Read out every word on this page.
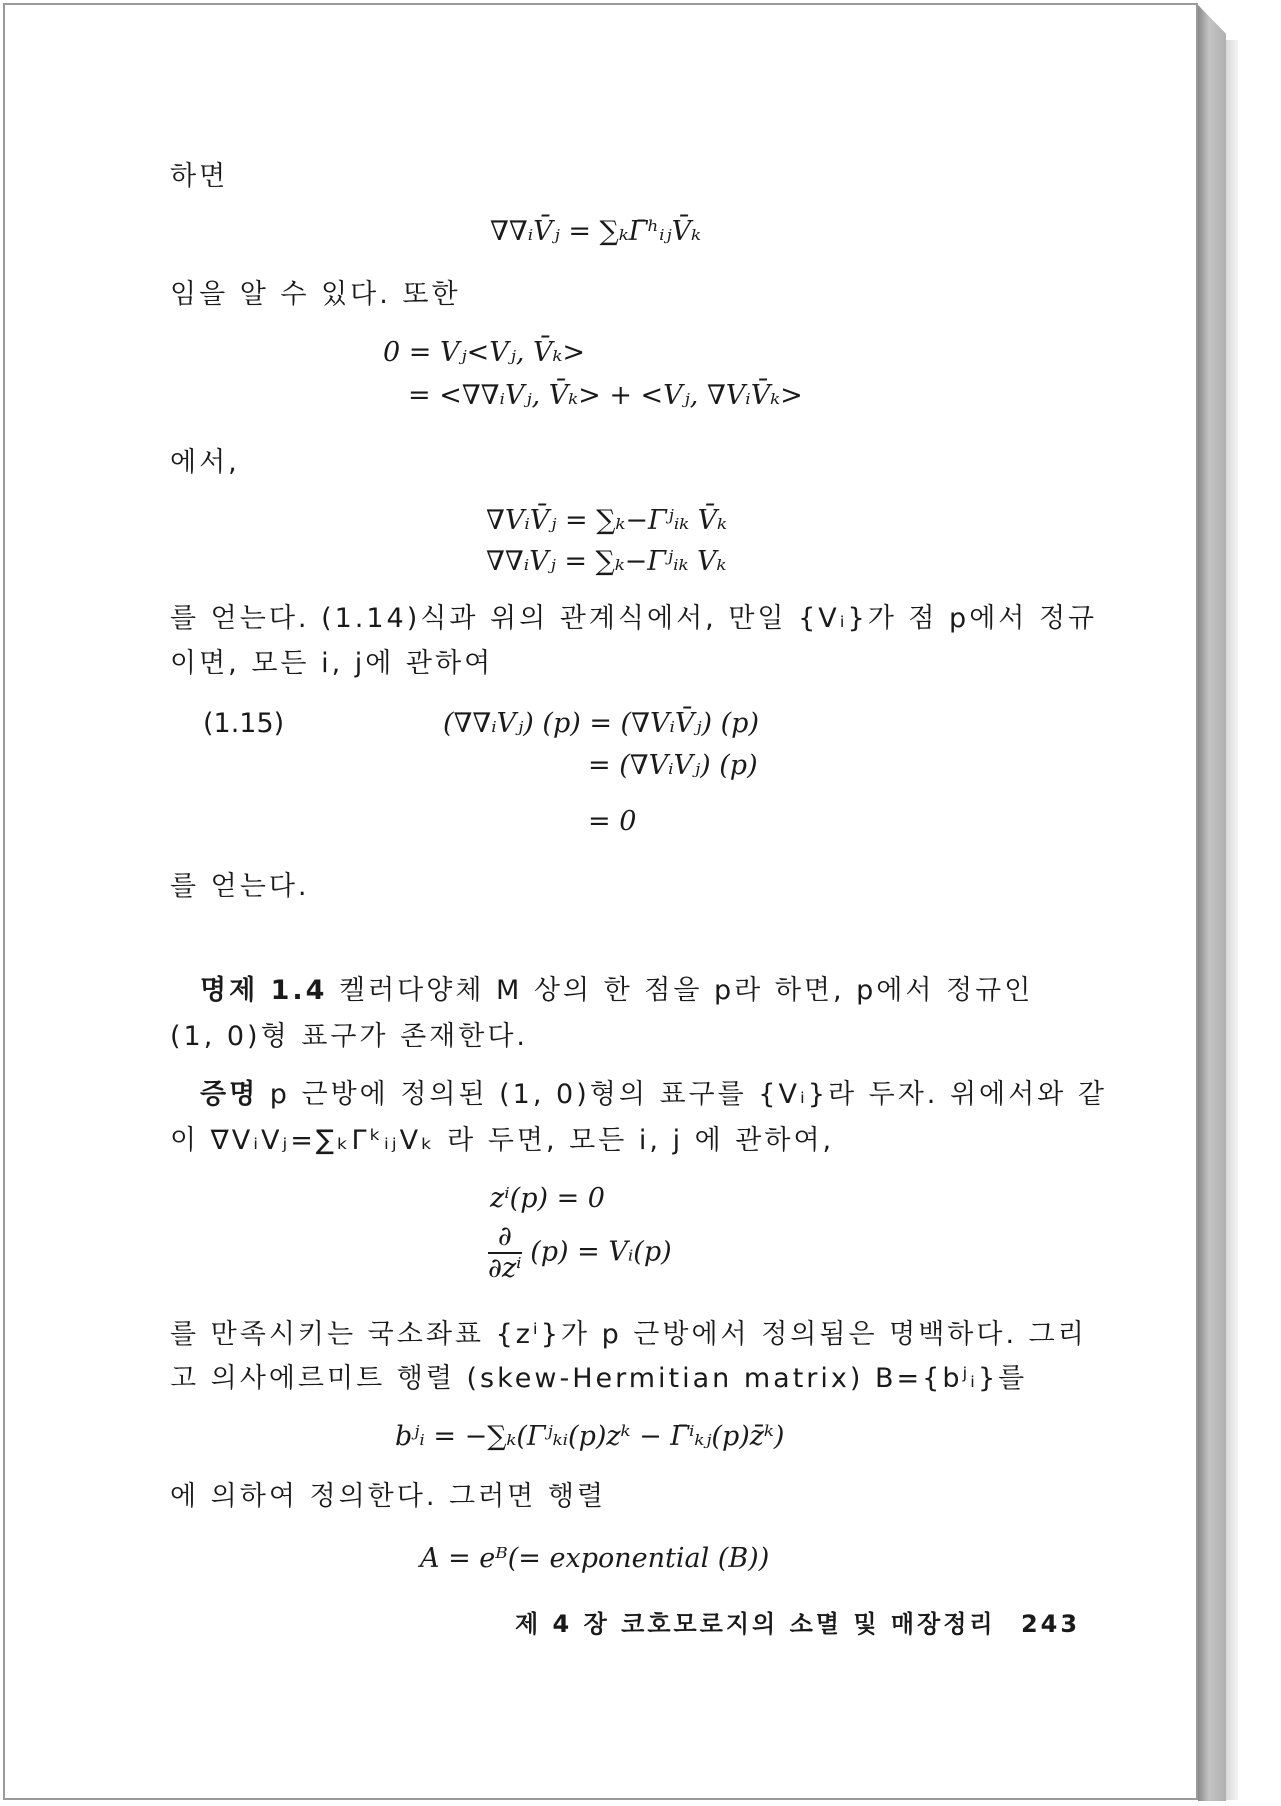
하면
∇∇ᵢV̄ⱼ = ∑ₖΓ̄ʰᵢⱼV̄ₖ
임을 알 수 있다. 또한
0 = Vⱼ<Vⱼ, V̄ₖ>
= <∇∇ᵢVⱼ, V̄ₖ> + <Vⱼ, ∇VᵢV̄ₖ>
에서,
∇VᵢV̄ⱼ = ∑ₖ−Γʲᵢₖ V̄ₖ
∇∇ᵢVⱼ = ∑ₖ−Γʲᵢₖ Vₖ
를 얻는다. (1.14)식과 위의 관계식에서, 만일 {Vᵢ}가 점 p에서 정규
이면, 모든 i, j에 관하여
(1.15)	(∇∇ᵢVⱼ) (p) = (∇VᵢV̄ⱼ) (p)
= (∇VᵢVⱼ) (p)
= 0
를 얻는다.
명제 1.4 켈러다양체 M 상의 한 점을 p라 하면, p에서 정규인
(1, 0)형 표구가 존재한다.
증명 p 근방에 정의된 (1, 0)형의 표구를 {Vᵢ}라 두자. 위에서와 같
이 ∇VᵢVⱼ=∑ₖΓᵏᵢⱼVₖ 라 두면, 모든 i, j 에 관하여,
zⁱ(p) = 0
$\frac{\partial}{\text{∂zⁱ}} (p)$ = Vᵢ(p)
를 만족시키는 국소좌표 {zⁱ}가 p 근방에서 정의됨은 명백하다. 그리
고 의사에르미트 행렬 (skew-Hermitian matrix) B={bʲᵢ}를
bʲᵢ = −∑ₖ(Γʲₖᵢ(p)zᵏ − Γ̄ⁱₖⱼ(p)z̄ᵏ)
에 의하여 정의한다. 그러면 행렬
A = eᴮ(= exponential (B))
제 4 장 코호모로지의 소멸 및 매장정리 243
